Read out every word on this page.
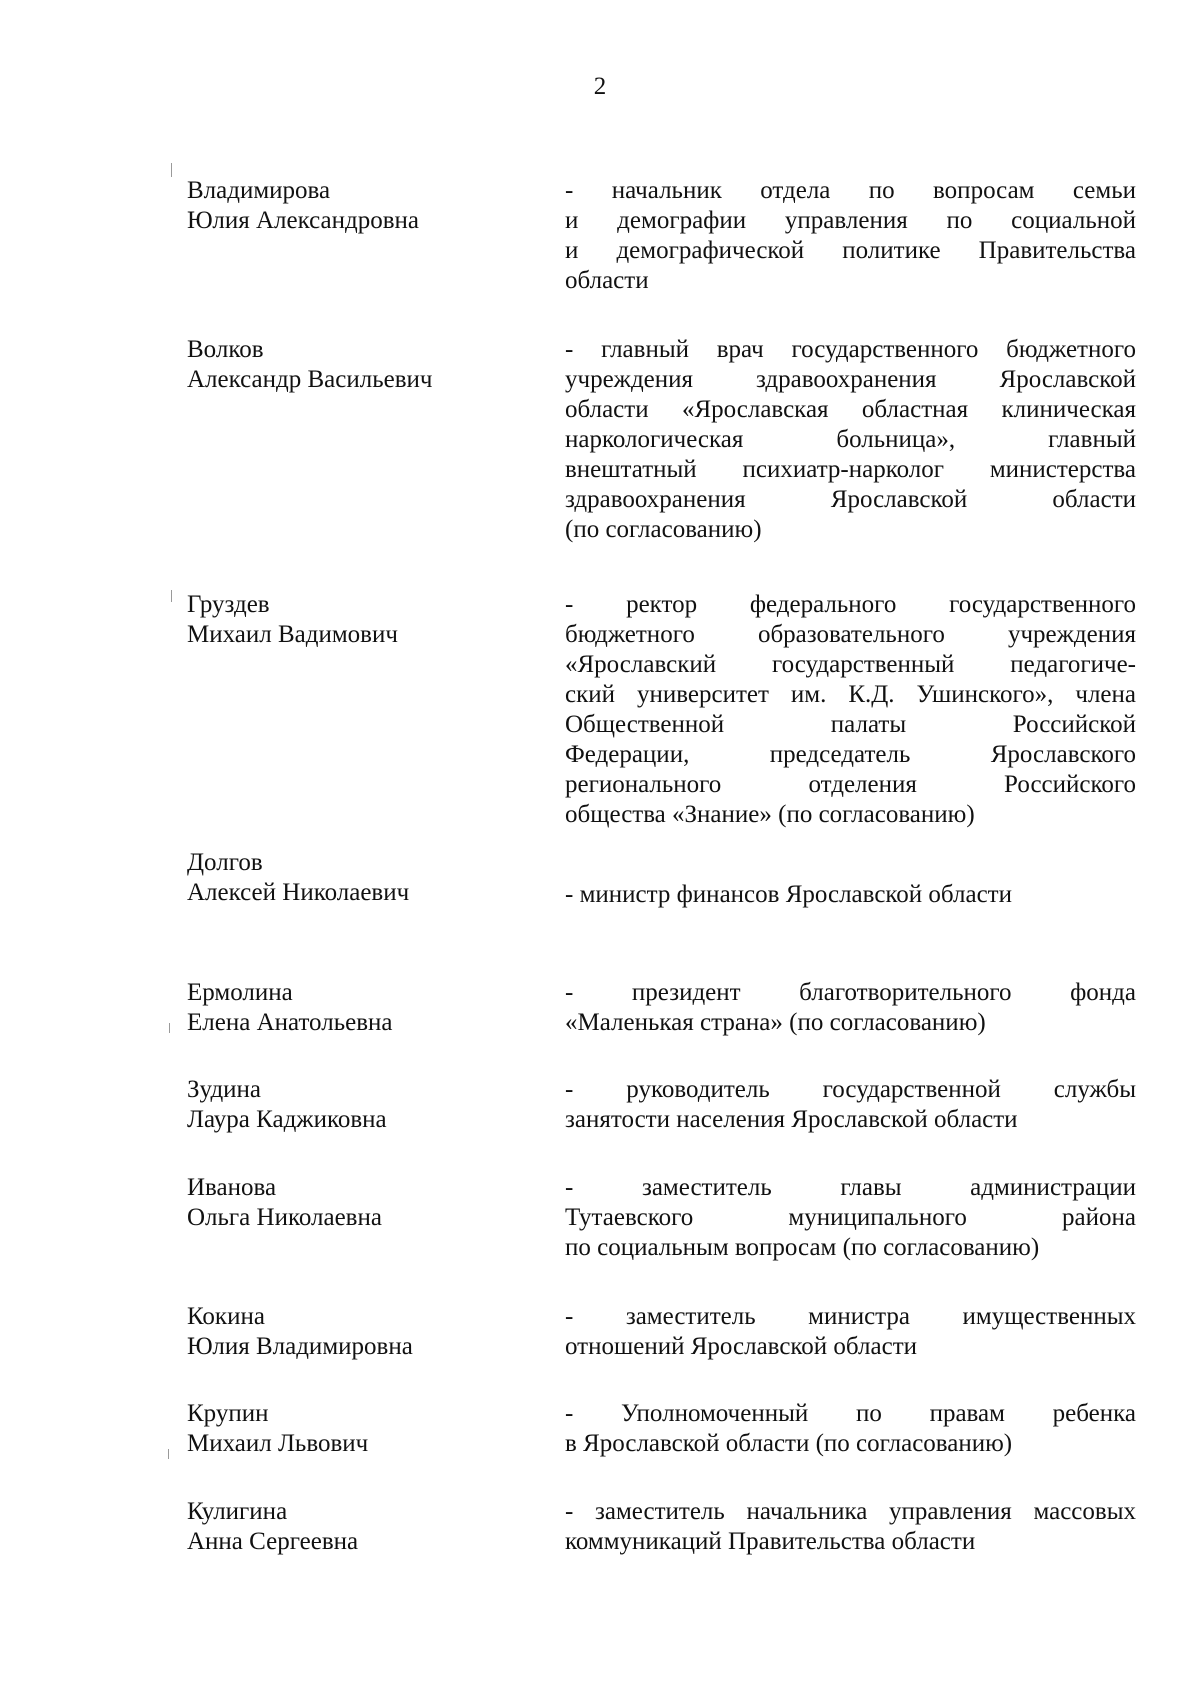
2
Владимирова
Юлия Александровна
- начальник отдела по вопросам семьи
и демографии управления по социальной
и демографической политике Правительства
области
Волков
Александр Васильевич
- главный врач государственного бюджетного
учреждения здравоохранения Ярославской
области «Ярославская областная клиническая
наркологическая больница», главный
внештатный психиатр-нарколог министерства
здравоохранения Ярославской области
(по согласованию)
Груздев
Михаил Вадимович
- ректор федерального государственного
бюджетного образовательного учреждения
«Ярославский государственный педагогиче-
ский университет им. К.Д. Ушинского», члена
Общественной палаты Российской
Федерации, председатель Ярославского
регионального отделения Российского
общества «Знание» (по согласованию)
Долгов
Алексей Николаевич	- министр финансов Ярославской области
Ермолина
Елена Анатольевна
- президент благотворительного фонда
«Маленькая страна» (по согласованию)
Зудина
Лаура Каджиковна
- руководитель государственной службы
занятости населения Ярославской области
Иванова
Ольга Николаевна
- заместитель главы администрации
Тутаевского муниципального района
по социальным вопросам (по согласованию)
Кокина
Юлия Владимировна
- заместитель министра имущественных
отношений Ярославской области
Крупин
Михаил Львович
- Уполномоченный по правам ребенка
в Ярославской области (по согласованию)
Кулигина
Анна Сергеевна
- заместитель начальника управления массовых
коммуникаций Правительства области
